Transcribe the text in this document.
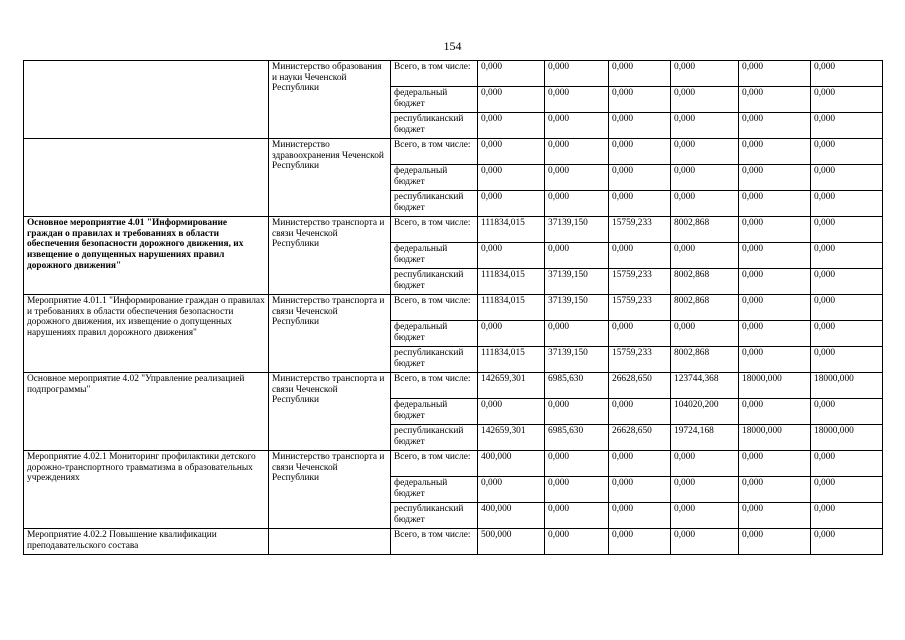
154
	Министерство образования и науки Чеченской Республики	Всего, в том числе:	0,000	0,000	0,000	0,000	0,000	0,000
		федеральный бюджет	0,000	0,000	0,000	0,000	0,000	0,000
		республиканский бюджет	0,000	0,000	0,000	0,000	0,000	0,000
	Министерство здравоохранения Чеченской Республики	Всего, в том числе:	0,000	0,000	0,000	0,000	0,000	0,000
		федеральный бюджет	0,000	0,000	0,000	0,000	0,000	0,000
		республиканский бюджет	0,000	0,000	0,000	0,000	0,000	0,000
Основное мероприятие 4.01 "Информирование граждан о правилах и требованиях в области обеспечения безопасности дорожного движения, их извещение о допущенных нарушениях правил дорожного движения"	Министерство транспорта и связи Чеченской Республики	Всего, в том числе:	111834,015	37139,150	15759,233	8002,868	0,000	0,000
		федеральный бюджет	0,000	0,000	0,000	0,000	0,000	0,000
		республиканский бюджет	111834,015	37139,150	15759,233	8002,868	0,000	0,000
Мероприятие 4.01.1 "Информирование граждан о правилах и требованиях в области обеспечения безопасности дорожного движения, их извещение о допущенных нарушениях правил дорожного движения"	Министерство транспорта и связи Чеченской Республики	Всего, в том числе:	111834,015	37139,150	15759,233	8002,868	0,000	0,000
		федеральный бюджет	0,000	0,000	0,000	0,000	0,000	0,000
		республиканский бюджет	111834,015	37139,150	15759,233	8002,868	0,000	0,000
Основное мероприятие 4.02 "Управление реализацией подпрограммы"	Министерство транспорта и связи Чеченской Республики	Всего, в том числе:	142659,301	6985,630	26628,650	123744,368	18000,000	18000,000
		федеральный бюджет	0,000	0,000	0,000	104020,200	0,000	0,000
		республиканский бюджет	142659,301	6985,630	26628,650	19724,168	18000,000	18000,000
Мероприятие 4.02.1 Мониторинг профилактики детского дорожно-транспортного травматизма в образовательных учреждениях	Министерство транспорта и связи Чеченской Республики	Всего, в том числе:	400,000	0,000	0,000	0,000	0,000	0,000
		федеральный бюджет	0,000	0,000	0,000	0,000	0,000	0,000
		республиканский бюджет	400,000	0,000	0,000	0,000	0,000	0,000
Мероприятие 4.02.2 Повышение квалификации преподавательского состава		Всего, в том числе:	500,000	0,000	0,000	0,000	0,000	0,000
